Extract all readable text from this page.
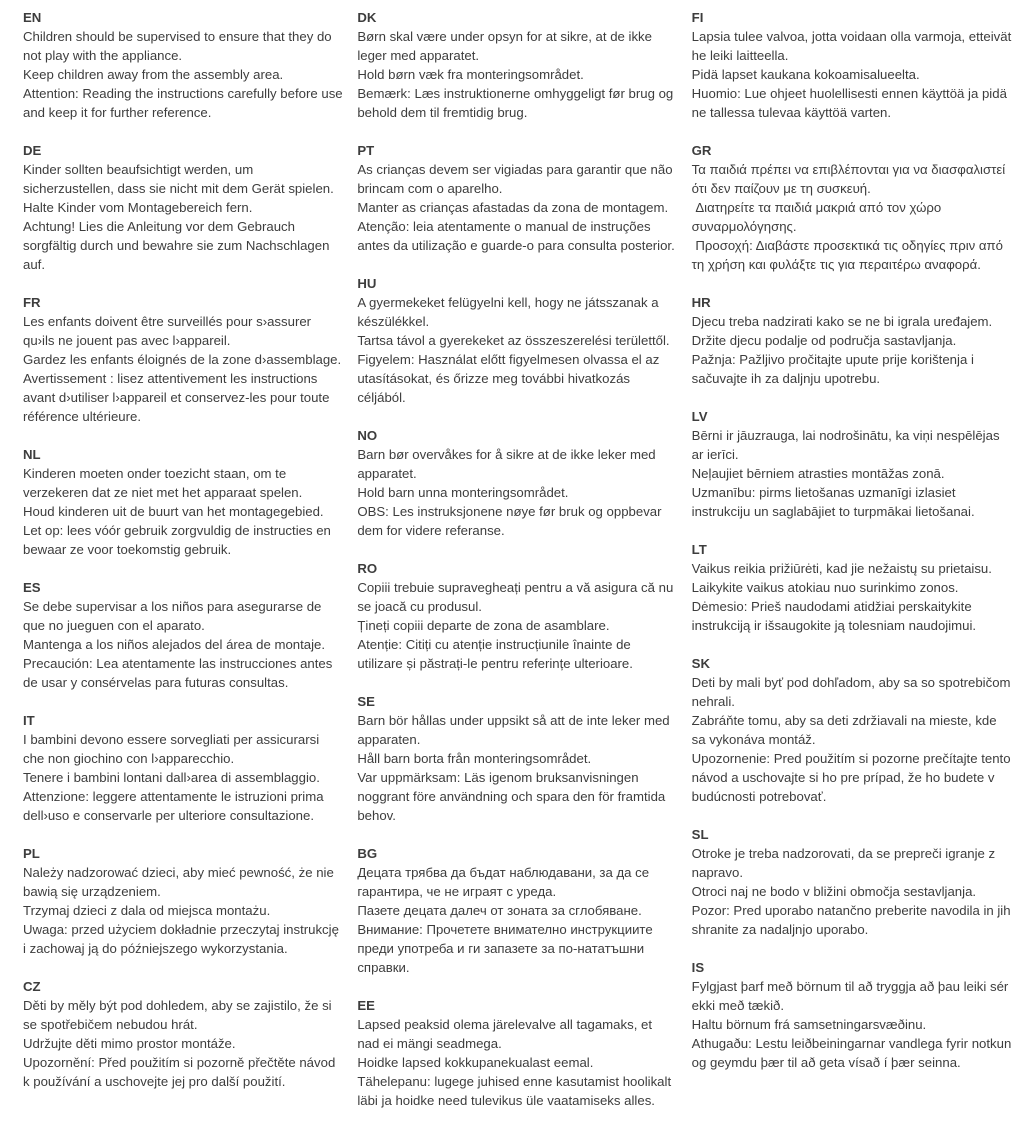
EN

Children should be supervised to ensure that they do not play with the appliance.

Keep children away from the assembly area.

Attention: Reading the instructions carefully before use and keep it for further reference.

DE

Kinder sollten beaufsichtigt werden, um sicherzustellen, dass sie nicht mit dem Gerät spielen.

Halte Kinder vom Montagebereich fern.

Achtung! Lies die Anleitung vor dem Gebrauch sorgfältig durch und bewahre sie zum Nachschlagen auf.

FR

Les enfants doivent être surveillés pour s›assurer qu›ils ne jouent pas avec l›appareil.

Gardez les enfants éloignés de la zone d›assemblage.

Avertissement : lisez attentivement les instructions avant d›utiliser l›appareil et conservez-les pour toute référence ultérieure.

NL

Kinderen moeten onder toezicht staan, om te verzekeren dat ze niet met het apparaat spelen.

Houd kinderen uit de buurt van het montagegebied.

Let op: lees vóór gebruik zorgvuldig de instructies en bewaar ze voor toekomstig gebruik.

ES

Se debe supervisar a los niños para asegurarse de que no jueguen con el aparato.

Mantenga a los niños alejados del área de montaje.

Precaución: Lea atentamente las instrucciones antes de usar y consérvelas para futuras consultas.

IT

I bambini devono essere sorvegliati per assicurarsi che non giochino con l›apparecchio.

Tenere i bambini lontani dall›area di assemblaggio.

Attenzione: leggere attentamente le istruzioni prima dell›uso e conservarle per ulteriore consultazione.

PL

Należy nadzorować dzieci, aby mieć pewność, że nie bawią się urządzeniem.

Trzymaj dzieci z dala od miejsca montażu.

Uwaga: przed użyciem dokładnie przeczytaj instrukcję i zachowaj ją do późniejszego wykorzystania.

CZ

Děti by měly být pod dohledem, aby se zajistilo, že si se spotřebičem nebudou hrát.

Udržujte děti mimo prostor montáže.

Upozornění: Před použitím si pozorně přečtěte návod k používání a uschovejte jej pro další použití.

DK

Børn skal være under opsyn for at sikre, at de ikke leger med apparatet.

Hold børn væk fra monteringsområdet.

Bemærk: Læs instruktionerne omhyggeligt før brug og behold dem til fremtidig brug.

PT

As crianças devem ser vigiadas para garantir que não brincam com o aparelho.

Manter as crianças afastadas da zona de montagem.

Atenção: leia atentamente o manual de instruções antes da utilização e guarde-o para consulta posterior.

HU

A gyermekeket felügyelni kell, hogy ne játsszanak a készülékkel.

Tartsa távol a gyerekeket az összeszerelési területtől.

Figyelem: Használat előtt figyelmesen olvassa el az utasításokat, és őrizze meg további hivatkozás céljából.

NO

Barn bør overvåkes for å sikre at de ikke leker med apparatet.

Hold barn unna monteringsområdet.

OBS: Les instruksjonene nøye før bruk og oppbevar dem for videre referanse.

RO

Copiii trebuie supravegheați pentru a vă asigura că nu se joacă cu produsul.

Țineți copiii departe de zona de asamblare.

Atenție: Citiți cu atenție instrucțiunile înainte de utilizare și păstrați-le pentru referințe ulterioare.

SE

Barn bör hållas under uppsikt så att de inte leker med apparaten.

Håll barn borta från monteringsområdet.

Var uppmärksam: Läs igenom bruksanvisningen noggrant före användning och spara den för framtida behov.

BG

Децата трябва да бъдат наблюдавани, за да се гарантира, че не играят с уреда.

Пазете децата далеч от зоната за сглобяване.

Внимание: Прочетете внимателно инструкциите преди употреба и ги запазете за по-нататъшни справки.

EE

Lapsed peaksid olema järelevalve all tagamaks, et nad ei mängi seadmega.

Hoidke lapsed kokkupanekualast eemal.

Tähelepanu: lugege juhised enne kasutamist hoolikalt läbi ja hoidke need tulevikus üle vaatamiseks alles.

FI

Lapsia tulee valvoa, jotta voidaan olla varmoja, etteivät he leiki laitteella.

Pidä lapset kaukana kokoamisalueelta.

Huomio: Lue ohjeet huolellisesti ennen käyttöä ja pidä ne tallessa tulevaa käyttöä varten.

GR

Τα παιδιά πρέπει να επιβλέπονται για να διασφαλιστεί ότι δεν παίζουν με τη συσκευή.

Διατηρείτε τα παιδιά μακριά από τον χώρο συναρμολόγησης.

Προσοχή: Διαβάστε προσεκτικά τις οδηγίες πριν από τη χρήση και φυλάξτε τις για περαιτέρω αναφορά.

HR

Djecu treba nadzirati kako se ne bi igrala uređajem.

Držite djecu podalje od područja sastavljanja.

Pažnja: Pažljivo pročitajte upute prije korištenja i sačuvajte ih za daljnju upotrebu.

LV

Bērni ir jāuzrauga, lai nodrošinātu, ka viņi nespēlējas ar ierīci.

Neļaujiet bērniem atrasties montāžas zonā.

Uzmanību: pirms lietošanas uzmanīgi izlasiet instrukciju un saglabājiet to turpmākai lietošanai.

LT

Vaikus reikia prižiūrėti, kad jie nežaistų su prietaisu.

Laikykite vaikus atokiau nuo surinkimo zonos.

Dėmesio: Prieš naudodami atidžiai perskaitykite instrukciją ir išsaugokite ją tolesniam naudojimui.

SK

Deti by mali byť pod dohľadom, aby sa so spotrebičom nehrali.

Zabráňte tomu, aby sa deti zdržiavali na mieste, kde sa vykonáva montáž.

Upozornenie: Pred použitím si pozorne prečítajte tento návod a uschovajte si ho pre prípad, že ho budete v budúcnosti potrebovať.

SL

Otroke je treba nadzorovati, da se prepreči igranje z napravo.

Otroci naj ne bodo v bližini območja sestavljanja.

Pozor: Pred uporabo natančno preberite navodila in jih shranite za nadaljnjo uporabo.

IS

Fylgjast þarf með börnum til að tryggja að þau leiki sér ekki með tækið.

Haltu börnum frá samsetningarsvæðinu.

Athugaðu: Lestu leiðbeiningarnar vandlega fyrir notkun og geymdu þær til að geta vísað í þær seinna.
